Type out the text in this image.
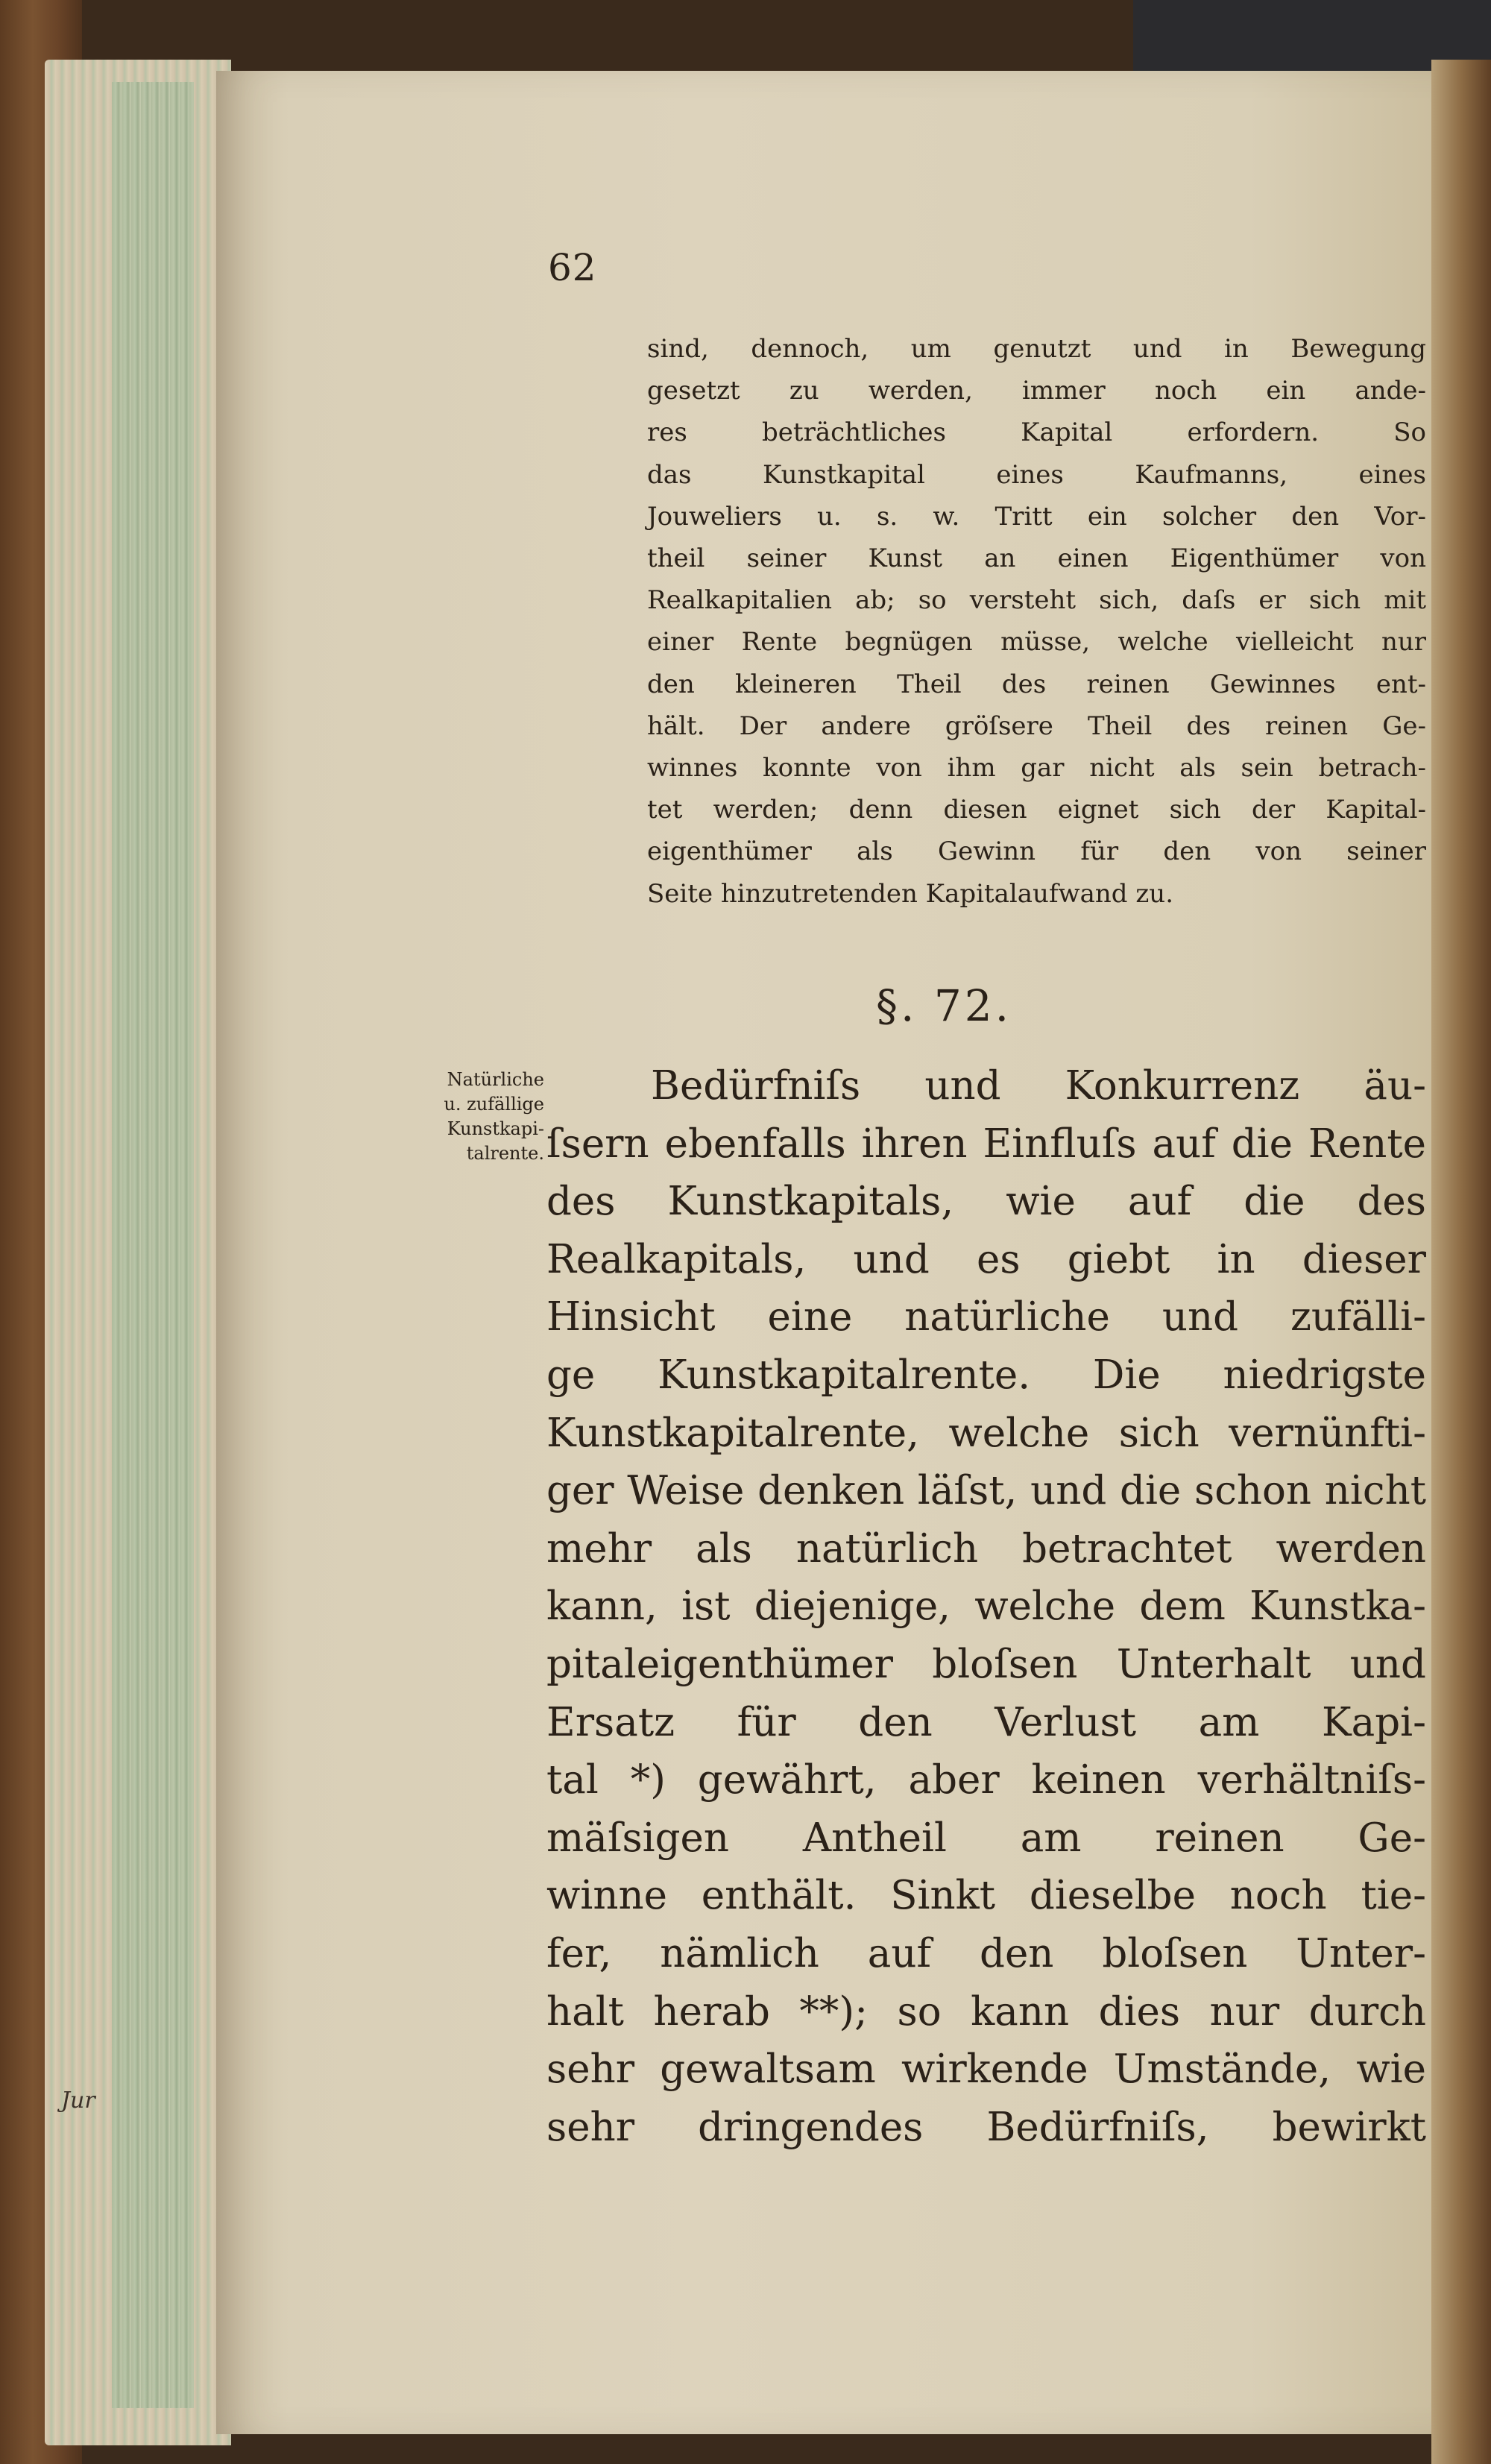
62
sind, dennoch, um genutzt und in Bewegung
gesetzt zu werden, immer noch ein ande-
res beträchtliches Kapital erfordern. So
das Kunstkapital eines Kaufmanns, eines
Jouweliers u. s. w. Tritt ein solcher den Vor-
theil seiner Kunst an einen Eigenthümer von
Realkapitalien ab; so versteht sich, daſs er sich mit
einer Rente begnügen müsse, welche vielleicht nur
den kleineren Theil des reinen Gewinnes ent-
hält. Der andere gröſsere Theil des reinen Ge-
winnes konnte von ihm gar nicht als sein betrach-
tet werden; denn diesen eignet sich der Kapital-
eigenthümer als Gewinn für den von seiner
Seite hinzutretenden Kapitalaufwand zu.
§. 72.
Natürliche
u. zufällige
Kunstkapi-
talrente.
Bedürfniſs und Konkurrenz äu-
ſsern ebenfalls ihren Einfluſs auf die Rente
des Kunstkapitals, wie auf die des
Realkapitals, und es giebt in dieser
Hinsicht eine natürliche und zufälli-
ge Kunstkapitalrente. Die niedrigste
Kunstkapitalrente, welche sich vernünfti-
ger Weise denken läſst, und die schon nicht
mehr als natürlich betrachtet werden
kann, ist diejenige, welche dem Kunstka-
pitaleigenthümer bloſsen Unterhalt und
Ersatz für den Verlust am Kapi-
tal *) gewährt, aber keinen verhältniſs-
mäſsigen Antheil am reinen Ge-
winne enthält. Sinkt dieselbe noch tie-
fer, nämlich auf den bloſsen Unter-
halt herab **); so kann dies nur durch
sehr gewaltsam wirkende Umstände, wie
sehr dringendes Bedürfniſs, bewirkt
Jur
